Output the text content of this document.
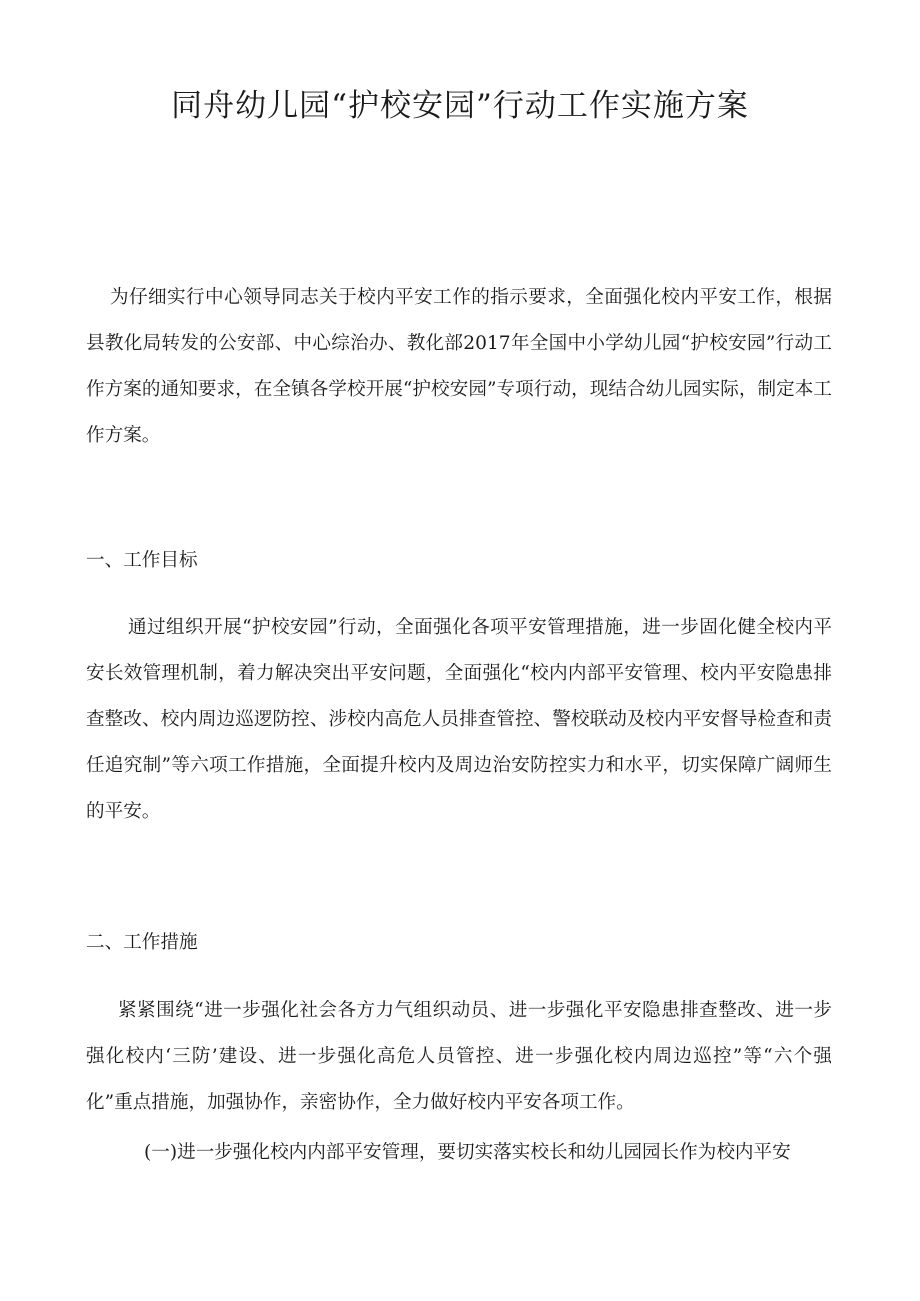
同舟幼儿园“护校安园”行动工作实施方案

为仔细实行中心领导同志关于校内平安工作的指示要求，全面强化校内平安工作，根据县教化局转发的公安部、中心综治办、教化部2017年全国中小学幼儿园“护校安园”行动工作方案的通知要求，在全镇各学校开展“护校安园”专项行动，现结合幼儿园实际，制定本工作方案。

一、工作目标

通过组织开展“护校安园”行动，全面强化各项平安管理措施，进一步固化健全校内平安长效管理机制，着力解决突出平安问题，全面强化“校内内部平安管理、校内平安隐患排查整改、校内周边巡逻防控、涉校内高危人员排查管控、警校联动及校内平安督导检查和责任追究制”等六项工作措施，全面提升校内及周边治安防控实力和水平，切实保障广阔师生的平安。

二、工作措施

紧紧围绕“进一步强化社会各方力气组织动员、进一步强化平安隐患排查整改、进一步强化校内‘三防’建设、进一步强化高危人员管控、进一步强化校内周边巡控”等“六个强化”重点措施，加强协作，亲密协作，全力做好校内平安各项工作。

(一)进一步强化校内内部平安管理，要切实落实校长和幼儿园园长作为校内平安
